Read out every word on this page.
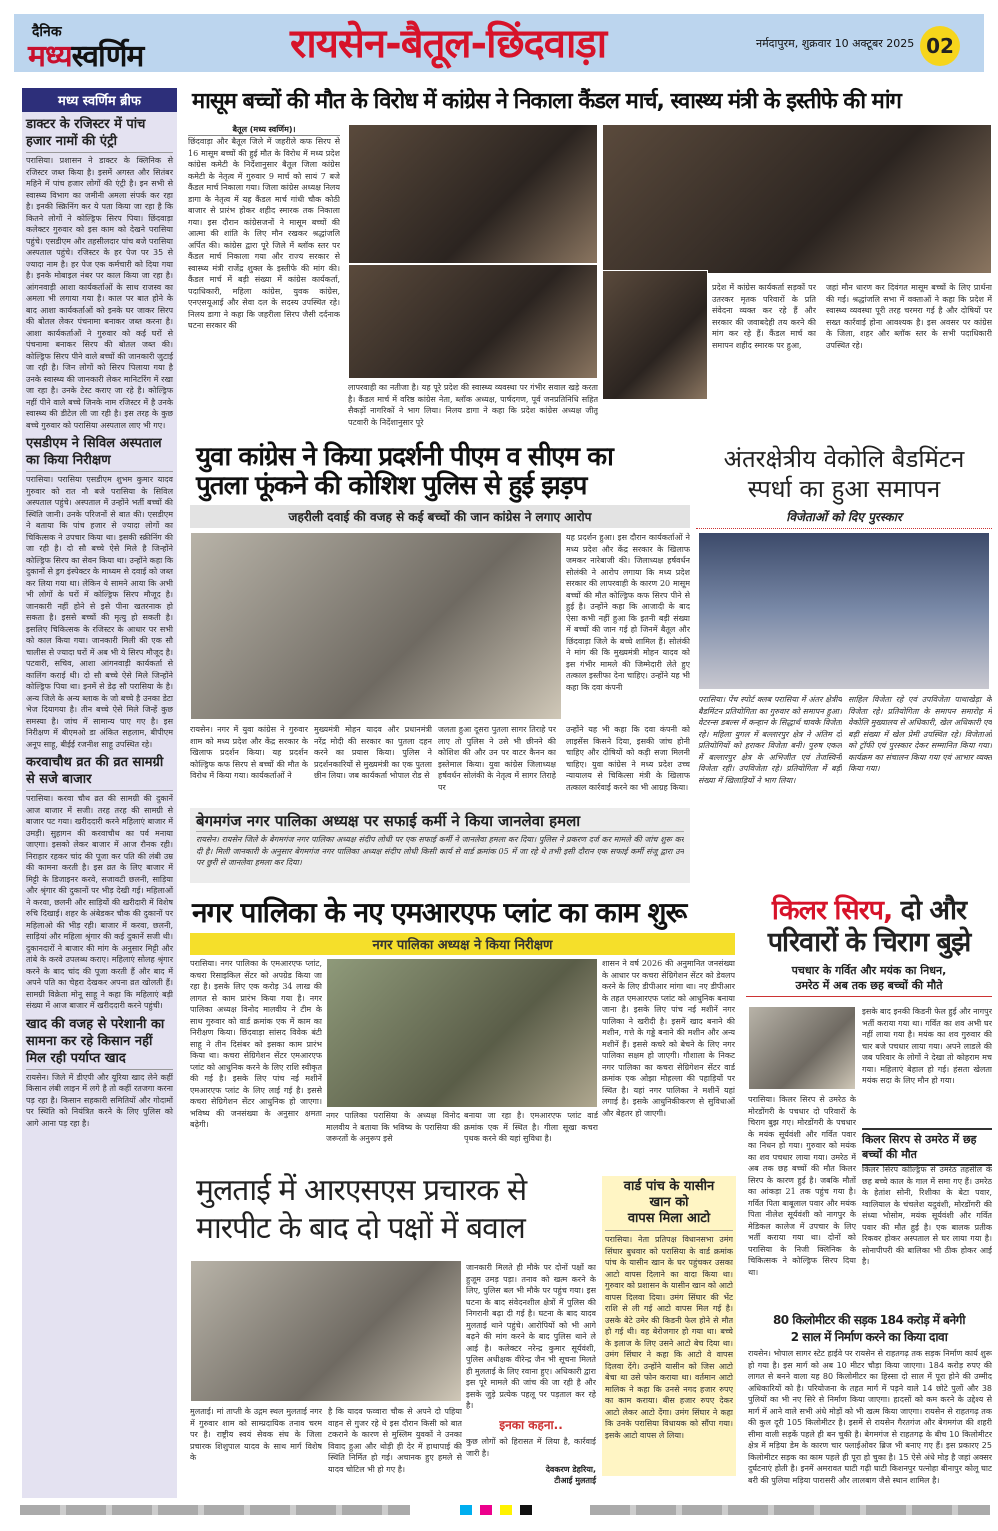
दैनिक
मध्यस्वर्णिम	रायसेन-बैतूल-छिंदवाड़ा	नर्मदापुरम, शुक्रवार 10 अक्टूबर 2025 02
मध्य स्वर्णिम ब्रीफ
डाक्टर के रजिस्टर में पांच हजार नामों की एंट्री
परासिया। प्रशासन ने डाक्टर के क्लिनिक से रजिस्टर जब्त किया है। इसमें अगस्त और सितंबर महिने में पांच हजार लोगों की एंट्री है। इन सभी से स्वास्थ्य विभाग का जमीनी अमला संपर्क कर रहा है। इनकी स्क्रिनिंग कर ये पता किया जा रहा है कि कितने लोगों ने कोल्ड्रिफ सिरप पिया। छिंदवाड़ा कलेक्टर गुरुवार को इस काम को देखने परासिया पहुंचे। एसडीएम और तहसीलदार पांच बजे परासिया अस्पताल पहुंचे। रजिस्टर के हर पेज पर 35 से ज्यादा नाम है। हर पेज एक कर्मचारी को दिया गया है। इनके मोबाइल नंबर पर काल किया जा रहा है। आंगनवाड़ी आशा कार्यकर्ताओं के साथ राजस्व का अमला भी लगाया गया है। काल पर बात होने के बाद आशा कार्यकर्ताओं को इनके घर जाकर सिरप की बोतल लेकर पंचनामा बनाकर जब्त करना है। आशा कार्यकर्ताओं ने गुरुवार को कई घरों से पंचनामा बनाकर सिरप की बोतल जब्त की। कोल्ड्रिफ सिरप पीने वाले बच्चों की जानकारी जुटाई जा रही है। जिन लोगों को सिरप पिलाया गया है उनके स्वास्थ्य की जानकारी लेकर मानिटरिंग में रखा जा रहा है। उनके टेस्ट कराए जा रहे है। कोल्ड्रिफ नहीं पीने वाले बच्चे जिनके नाम रजिस्टर में है उनके स्वास्थ्य की डीटेल ली जा रही है। इस तरह के कुछ बच्चे गुरुवार को परासिया अस्पताल लाए भी गए।
एसडीएम ने सिविल अस्पताल का किया निरीक्षण
परासिया। परासिया एसडीएम शुभम कुमार यादव गुरुवार को रात नौ बजे परासिया के सिविल अस्पताल पहुंचे। अस्पताल में उन्होंने भर्ती बच्चों की स्थिति जानी। उनके परिजनों से बात की। एसडीएम ने बताया कि पांच हजार से ज्यादा लोगों का चिकित्सक ने उपचार किया था। इसकी स्क्रीनिंग की जा रही है। दो सौ बच्चे ऐसे मिले है जिन्होंने कोल्ड्रिफ सिरप का सेवन किया था। उन्होंने कहा कि दुकानों से ड्रग इंस्पेक्टर के माध्यम से दवाई को जब्त कर लिया गया था। लेकिन ये सामने आया कि अभी भी लोगों के घरों में कोल्ड्रिफ सिरप मौजूद है। जानकारी नहीं होने से इसे पीना खतरनाक हो सकता है। इससे बच्चों की मृत्यु हो सकती है। इसलिए चिकित्सक के रजिस्टर के आधार पर सभी को काल किया गया। जानकारी मिली की एक सौ चालीस से ज्यादा घरों में अब भी ये सिरप मौजूद है। पटवारी, सचिव, आशा आंगनवाड़ी कार्यकर्ता से कालिंग कराई थी। दो सौ बच्चे ऐसे मिले जिन्होंने कोल्ड्रिफ पिया था। इनमें से डेढ़ सौ परासिया के है। अन्य जिले के अन्य ब्लाक के जो बच्चे है उनका डेटा भेज दियागया है। तीन बच्चे ऐसे मिले जिन्हें कुछ समस्या है। जांच में सामान्य पाए गए है। इस निरीक्षण में बीएमओ डा अंकित सहलाम, बीपीएम अनूप साहू, बीईई रजनीश साहू उपस्थित रहे।
करवाचौथ व्रत की व्रत सामग्री से सजे बाजार
परासिया। करवा चौथ व्रत की सामग्री की दुकानें आज बाजार में सजी। तरह तरह की सामग्री से बाजार पट गया। खरीददारी करने महिलाएं बाजार में उमड़ी। सुहागन की करवाचौथ का पर्व मनाया जाएगा। इसको लेकर बाजार में आज रौनक रही। निराहार रहकर चांद की पूजा कर पति की लंबी उम्र की कामना करती है। इस व्रत के लिए बाजार में मिट्टी के डिजाइनर करवे, सजावटी छलनी, साड़िया और श्रृंगार की दुकानों पर भीड़ देखी गई। महिलाओं ने करवा, छलनी और साड़ियों की खरीदारी में विशेष रुचि दिखाई। शहर के अंबेडकर चौक की दुकानों पर महिलाओ की भीड़ रही। बाजार में करवा, छलनी, साड़ियां और महिला श्रृंगार की कई दुकानें सजी थी। दुकानदारों ने बाजार की मांग के अनुसार मिट्टी और तांबे के करवे उपलब्ध कराए। महिलाएं सोलह श्रृंगार करने के बाद चांद की पूजा करती हैं और बाद में अपने पति का चेहरा देखकर अपना व्रत खोलती हैं। सामग्री विक्रेता मोनू साहू ने कहा कि महिलाएं बड़ी संख्या में आज बाजार में खरीददारी करने पहुंची।
खाद की वजह से परेशानी का सामना कर रहे किसान नहीं मिल रही पर्याप्त खाद
रायसेन। जिले में डीएपी और यूरिया खाद लेने कहीं किसान लंबी लाइन में लगे है तो कहीं रतजगा करना पड़ रहा है। किसान सहकारी समितियों और गोदामों पर स्थिति को नियंत्रित करने के लिए पुलिस को आगे आना पड़ रहा है।
मासूम बच्चों की मौत के विरोध में कांग्रेस ने निकाला कैंडल मार्च, स्वास्थ्य मंत्री के इस्तीफे की मांग
बैतूल (मध्य स्वर्णिम)।
छिंदवाड़ा और बैतूल जिले में जहरीले कफ सिरप से 16 मासूम बच्चों की हुई मौत के विरोध में मध्य प्रदेश कांग्रेस कमेटी के निर्देशानुसार बैतूल जिला कांग्रेस कमेटी के नेतृत्व में गुरुवार 9 मार्च को सायं 7 बजे कैंडल मार्च निकाला गया। जिला कांग्रेस अध्यक्ष निलय डागा के नेतृत्व में यह कैंडल मार्च गांधी चौक कोठी बाजार से प्रारंभ होकर शहीद स्मारक तक निकाला गया। इस दौरान कांग्रेसजनों ने मासूम बच्चों की आत्मा की शांति के लिए मौन रखकर श्रद्धांजलि अर्पित की। कांग्रेस द्वारा पूरे जिले में ब्लॉक स्तर पर कैंडल मार्च निकाला गया और राज्य सरकार से स्वास्थ्य मंत्री राजेंद्र शुक्ल के इस्तीफे की मांग की। कैंडल मार्च में बड़ी संख्या में कांग्रेस कार्यकर्ता, पदाधिकारी, महिला कांग्रेस, युवक कांग्रेस, एनएसयूआई और सेवा दल के सदस्य उपस्थित रहे। निलय डागा ने कहा कि जहरीला सिरप जैसी दर्दनाक घटना सरकार की
लापरवाही का नतीजा है। यह पूरे प्रदेश की स्वास्थ्य व्यवस्था पर गंभीर सवाल खड़े करता है। कैंडल मार्च में वरिष्ठ कांग्रेस नेता, ब्लॉक अध्यक्ष, पार्षदगण, पूर्व जनप्रतिनिधि सहित सैकड़ों नागरिकों ने भाग लिया। निलय डागा ने कहा कि प्रदेश कांग्रेस अध्यक्ष जीतू पटवारी के निर्देशानुसार पूरे
प्रदेश में कांग्रेस कार्यकर्ता सड़कों पर उतरकर मृतक परिवारों के प्रति संवेदना व्यक्त कर रहे हैं और सरकार की जवाबदेही तय करने की मांग कर रहे हैं। कैंडल मार्च का समापन शहीद स्मारक पर हुआ,
जहां मौन धारण कर दिवंगत मासूम बच्चों के लिए प्रार्थना की गई। श्रद्धांजलि सभा में वक्ताओं ने कहा कि प्रदेश में स्वास्थ्य व्यवस्था पूरी तरह चरमरा गई है और दोषियों पर सख्त कार्रवाई होना आवश्यक है। इस अवसर पर कांग्रेस के जिला, शहर और ब्लॉक स्तर के सभी पदाधिकारी उपस्थित रहे।
युवा कांग्रेस ने किया प्रदर्शनी पीएम व सीएम का
पुतला फूंकने की कोशिश पुलिस से हुई झड़प
जहरीली दवाई की वजह से कई बच्चों की जान कांग्रेस ने लगाए आरोप
यह प्रदर्शन हुआ। इस दौरान कार्यकर्ताओं ने मध्य प्रदेश और केंद्र सरकार के खिलाफ जमकर नारेबाजी की। जिलाध्यक्ष हर्षवर्धन सोलंकी ने आरोप लगाया कि मध्य प्रदेश सरकार की लापरवाही के कारण 20 मासूम बच्चों की मौत कोल्ड्रिफ कफ सिरप पीने से हुई है। उन्होंने कहा कि आजादी के बाद ऐसा कभी नहीं हुआ कि इतनी बड़ी संख्या में बच्चों की जान गई हो जिनमें बैतूल और छिंदवाड़ा जिले के बच्चे शामिल हैं। सोलंकी ने मांग की कि मुख्यमंत्री मोहन यादव को इस गंभीर मामले की जिम्मेदारी लेते हुए तत्काल इस्तीफा देना चाहिए। उन्होंने यह भी कहा कि दवा कंपनी
रायसेन। नगर में युवा कांग्रेस ने गुरुवार शाम को मध्य प्रदेश और केंद्र सरकार के खिलाफ प्रदर्शन किया। यह प्रदर्शन कोल्ड्रिफ कफ सिरप से बच्चों की मौत के विरोध में किया गया। कार्यकर्ताओं ने
मुख्यमंत्री मोहन यादव और प्रधानमंत्री नरेंद्र मोदी की सरकार का पुतला दहन करने का प्रयास किया। पुलिस ने प्रदर्शनकारियों से मुख्यमंत्री का एक पुतला छीन लिया। जब कार्यकर्ता भोपाल रोड से
जलता हुआ दूसरा पुतला सागर तिराहे पर लाए तो पुलिस ने उसे भी छीनने की कोशिश की और उन पर वाटर कैनन का इस्तेमाल किया। युवा कांग्रेस जिलाध्यक्ष हर्षवर्धन सोलंकी के नेतृत्व में सागर तिराहे पर
उन्होंने यह भी कहा कि दवा कंपनी को लाइसेंस किसने दिया, इसकी जांच होनी चाहिए और दोषियों को कड़ी सजा मिलनी चाहिए। युवा कांग्रेस ने मध्य प्रदेश उच्च न्यायालय से चिकित्सा मंत्री के खिलाफ तत्काल कार्रवाई करने का भी आग्रह किया।
अंतरक्षेत्रीय वेकोलि बैडमिंटन
स्पर्धा का हुआ समापन
विजेताओं को दिए पुरस्कार
परासिया। पेंच स्पोर्ट क्लब परासिया में अंतर क्षेत्रीय बैडमिंटन प्रतियोगिता का गुरुवार को समापन हुआ। वेटरन्स डबल्स में कन्हान के सिद्धार्थ चावके विजेता रहे। महिला युगल में बल्लारपुर क्षेत्र ने अंतिम दो प्रतियोगियों को हराकर विजेता बनी। पुरुष एकल में बल्लारपुर क्षेत्र के अभिजीत एवं तेजस्विनी विजेता रही। उपविजेता रहे। प्रतियोगिता में बड़ी संख्या में खिलाड़ियों ने भाग लिया।
साहिल विजेता रहे एवं उपविजेता पाथाखेड़ा के विजेता रहे। प्रतियोगिता के समापन समारोह में वेकोलि मुख्यालय से अधिकारी, खेल अधिकारी एवं बड़ी संख्या में खेल प्रेमी उपस्थित रहे। विजेताओं को ट्रॉफी एवं पुरस्कार देकर सम्मानित किया गया। कार्यक्रम का संचालन किया गया एवं आभार व्यक्त किया गया।
बेगमगंज नगर पालिका अध्यक्ष पर सफाई कर्मी ने किया जानलेवा हमला
रायसेन। रायसेन जिले के बेगमगंज नगर पालिका अध्यक्ष संदीप लोधी पर एक सफाई कर्मी ने जानलेवा हमला कर दिया। पुलिस ने प्रकरण दर्ज कर मामले की जांच शुरू कर दी है। मिली जानकारी के अनुसार बेगमगंज नगर पालिका अध्यक्ष संदीप लोधी किसी कार्य से वार्ड क्रमांक 05 में जा रहे थे तभी इसी दौरान एक सफाई कर्मी संजू द्वारा उन पर छुरी से जानलेवा हमला कर दिया।
नगर पालिका के नए एमआरएफ प्लांट का काम शुरू
नगर पालिका अध्यक्ष ने किया निरीक्षण
परासिया। नगर पालिका के एमआरएफ प्लांट, कचरा रिसाइकिल सेंटर को अपग्रेड किया जा रहा है। इसके लिए एक करोड़ 34 लाख की लागत से काम प्रारंभ किया गया है। नगर पालिका अध्यक्ष विनोद मालवीय ने टीम के साथ गुरुवार को वार्ड क्रमांक एक में काम का निरीक्षण किया। छिंदवाड़ा सांसद विवेक बंटी साहू ने तीन दिसंबर को इसका काम प्रारंभ किया था। कचरा सेग्रिगेशन सेंटर एमआरएफ प्लांट को आधुनिक करने के लिए राशि स्वीकृत की गई है। इसके लिए पांच नई मशीनें एमआरएफ प्लांट के लिए लाई गई है। इससे कचरा सेग्रिगेशन सेंटर आधुनिक हो जाएगा। भविष्य की जनसंख्या के अनुसार क्षमता बढ़ेगी।
नगर पालिका परासिया के अध्यक्ष विनोद मालवीय ने बताया कि भविष्य के परासिया की जरूरतों के अनुरूप इसे
बनाया जा रहा है। एमआरएफ प्लांट वार्ड क्रमांक एक में स्थित है। गीला सूखा कचरा पृथक करने की यहां सुविधा है।
शासन ने वर्ष 2026 की अनुमानित जनसंख्या के आधार पर कचरा सेग्रिगेशन सेंटर को डेवलप करने के लिए डीपीआर मांगा था। नए डीपीआर के तहत एमआरएफ प्लांट को आधुनिक बनाया जाना है। इसके लिए पांच नई मशीनें नगर पालिका ने खरीदी है। इसमें खाद बनाने की मशीन, गत्ते के गड्डे बनाने की मशीन और अन्य मशीनें हैं। इससे कचरे को बेचने के लिए नगर पालिका सक्षम हो जाएगी। गौशाला के निकट नगर पालिका का कचरा सेग्रिगेशन सेंटर वार्ड क्रमांक एक ओझा मोहल्ला की पहाड़ियों पर स्थित है। यहां नगर पालिका ने मशीनें यहां लगाई है। इसके आधुनिकीकरण से सुविधाओं और बेहतर हो जाएगी।
किलर सिरप, दो और
परिवारों के चिराग बुझे
पचधार के गर्वित और मयंक का निधन,
उमरेठ में अब तक छह बच्चों की मौते
इसके बाद इनकी किडनी फेल हुई और नागपुर भर्ती कराया गया था। गर्वित का शव अभी घर नहीं लाया गया है। मयंक का शव गुरुवार की चार बजे पचधार लाया गया। अपने लाडले की जब परिवार के लोगों ने देखा तो कोहराम मच गया। महिलाएं बेहाल हो गई। हंसता खेलता मयंक सदा के लिए मौन हो गया।
परासिया। किलर सिरप से उमरेठ के मोरडोंगरी के पचधार दो परिवारों के चिराग बुझ गए। मोरडोंगरी के पचधार के मयंक सूर्यवंशी और गर्वित पवार का निधन हो गया। गुरुवार को मयंक का शव पचधार लाया गया। उमरेठ में अब तक छह बच्चों की मौत किलर सिरप के कारण हुई है। जबकि मौतों का आंकड़ा 21 तक पहुंच गया है। गर्वित पिता बाबूलाल पवार और मयंक पिता नीलेश सूर्यवंशी को नागपुर के मेडिकल कालेज में उपचार के लिए भर्ती कराया गया था। दोनों को परासिया के निजी क्लिनिक के चिकित्सक ने कोल्ड्रिफ सिरप दिया था।
किलर सिरप से उमरेठ में छह बच्चों की मौत
किलर सिरप कोल्ड्रिफ से उमरेठ तहसील के छह बच्चे काल के गाल में समा गए हैं। उमरेठ के हेतांश सोनी, रिशीका के बेटा पवार, ग्वालियाल के चंचलेश यदुवंशी, मोरडोंगरी की संध्या भोसोम, मयंक सूर्यवंशी और गर्वित पवार की मौत हुई है। एक बालक प्रतीक रिकवर होकर अस्पताल से घर लाया गया है। सोनापीपरी की बालिका भी ठीक होकर आई है।
मुलताई में आरएसएस प्रचारक से
मारपीट के बाद दो पक्षों में बवाल
मुलताई। मां ताप्ती के उद्गम स्थल मुलताई नगर में गुरुवार शाम को साम्प्रदायिक तनाव चरम पर है। राष्ट्रीय स्वयं सेवक संघ के जिला प्रचारक शिशुपाल यादव के साथ मार्ग विशेष के
है कि यादव फव्वारा चौक से अपने दो पहिया वाहन से गुजर रहे थे इस दौरान किसी को बात टकराने के कारण से मुस्लिम युवकों ने उनका विवाद हुआ और थोड़ी ही देर में हाथापाई की स्थिति निर्मित हो गई। अचानक हुए हमले से यादव चोटिल भी हो गए है।
जानकारी मिलते ही मौके पर दोनों पक्षों का हुजूम उमड़ पड़ा। तनाव को खत्म करने के लिए, पुलिस बल भी मौके पर पहुंच गया। इस घटना के बाद संवेदनशील क्षेत्रों में पुलिस की निगरानी बढ़ा दी गई है। घटना के बाद यादव मुलताई थाने पहुंचे। आरोपियों को भी आगे बढ़ने की मांग करने के बाद पुलिस थाने ले आई है। कलेक्टर नरेन्द्र कुमार सूर्यवंशी, पुलिस अधीक्षक वीरेन्द्र जैन भी सूचना मिलते ही मुलताई के लिए रवाना हुए। अधिकारी द्वारा इस पूरे मामले की जांच की जा रही है और इसके जुड़े प्रत्येक पहलू पर पड़ताल कर रहे है।
इनका कहना..
कुछ लोगों को हिरासत में लिया है, कार्रवाई जारी है।
देवकरण डेहरिया,
टीआई मुलताई
वार्ड पांच के यासीन
खान को
वापस मिला आटो
परासिया। नेता प्रतिपक्ष विधानसभा उमंग सिंघार बुधवार को परासिया के वार्ड क्रमांक पांच के यासीन खान के घर पहुंचकर उसका आटो वापस दिलाने का वादा किया था। गुरुवार को प्रशासन के यासीन खान को आटो वापस दिलवा दिया। उमंग सिंघार की भेंट राशि से ली गई आटो वापस मिल गई है। उसके बेटे उमेर की किडनी फेल होने से मौत हो गई थी। वह बेरोजगार हो गया था। बच्चे के इलाज के लिए उसने आटो बेच दिया था। उमंग सिंघार ने कहा कि आटो वे वापस दिलवा देंगे। उन्होंने यासीन को जिस आटो बेचा था उसे फोन कराया था। वर्तमान आटो मालिक ने कहा कि उनसे नगद हजार रुपए का काम कराया। बीस हजार रुपए देकर आटो लेकर आटो देंगा। उमंग सिंघार ने कहा कि उनके परासिया विधायक को सौंपा गया। इसके आटो वापस ले लिया।
80 किलोमीटर की सड़क 184 करोड़ में बनेगी
2 साल में निर्माण करने का किया दावा
रायसेन। भोपाल सागर स्टेट हाईवे पर रायसेन से राहतगढ़ तक सड़क निर्माण कार्य शुरू हो गया है। इस मार्ग को अब 10 मीटर चौड़ा किया जाएगा। 184 करोड़ रुपए की लागत से बनने वाला यह 80 किलोमीटर का हिस्सा दो साल में पूरा होने की उम्मीद अधिकारियों को है। परियोजना के तहत मार्ग में पड़ने वाले 14 छोटे पुलों और 38 पुलियों का भी नए सिरे से निर्माण किया जाएगा। हादसों को कम करने के उद्देश्य से मार्ग में आने वाले सभी अंधे मोड़ों को भी खत्म किया जाएगा। रायसेन से राहतगढ़ तक की कुल दूरी 105 किलोमीटर है। इसमें से रायसेन गैरतगंज और बेगमगंज की शहरी सीमा वाली सड़कें पहले ही बन चुकी है। बेगमगंज से राहतगढ़ के बीच 10 किलोमीटर क्षेत्र में मड़िया डेम के कारण चार फ्लाईओवर ब्रिज भी बनाए गए हैं। इस प्रकारए 25 किलोमीटर सड़क का काम पहले ही पूरा हो चुका है। 15 ऐसे अंधे मोड़ है जहां अक्सर दुर्घटनाएं होती है। इनमें अमरावत घाटी गढ़ी घाटी किशनपुर पत्नोहा बीनापुर कोलू घाट बरी की पुलिया मड़िया पारासरी और लालबाग जैसे स्थान शामिल है।
